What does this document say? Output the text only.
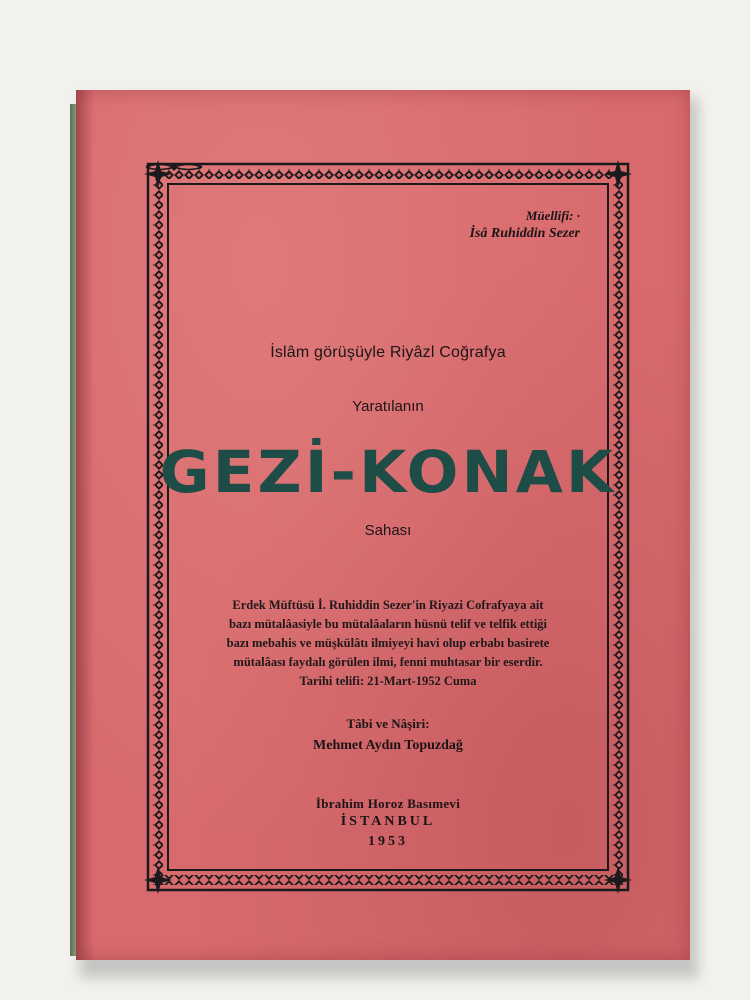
Müellifi: ·
İsâ Ruhiddin Sezer
İslâm görüşüyle Riyâzl Coğrafya
Yaratılanın
GEZİ-KONAK
Sahası
Erdek Müftüsü İ. Ruhiddin Sezer'in Riyazi Cofrafyaya ait
bazı mütalâasiyle bu mütalâaların hüsnü telif ve telfik ettiği
bazı mebahis ve müşkülâtı ilmiyeyi havi olup erbabı basirete
mütalâası faydalı görülen ilmi, fenni muhtasar bir eserdir.
Tarihi telifi: 21-Mart-1952 Cuma
Tâbi ve Nâşiri:
Mehmet Aydın Topuzdağ
İbrahim Horoz Basımevi
İSTANBUL
1953
